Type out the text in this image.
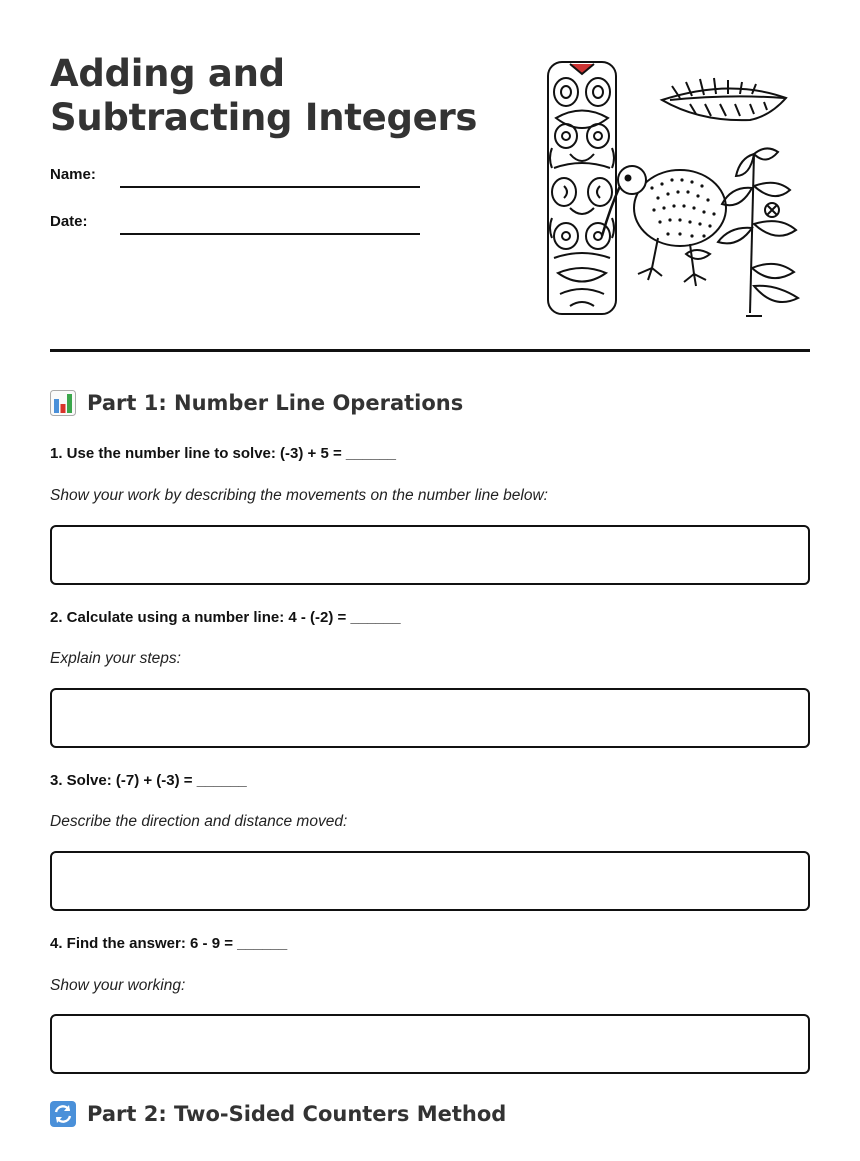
Adding and Subtracting Integers
Name:
Date:
Part 1: Number Line Operations
1. Use the number line to solve: (-3) + 5 = ______
Show your work by describing the movements on the number line below:
2. Calculate using a number line: 4 - (-2) = ______
Explain your steps:
3. Solve: (-7) + (-3) = ______
Describe the direction and distance moved:
4. Find the answer: 6 - 9 = ______
Show your working:
Part 2: Two-Sided Counters Method
